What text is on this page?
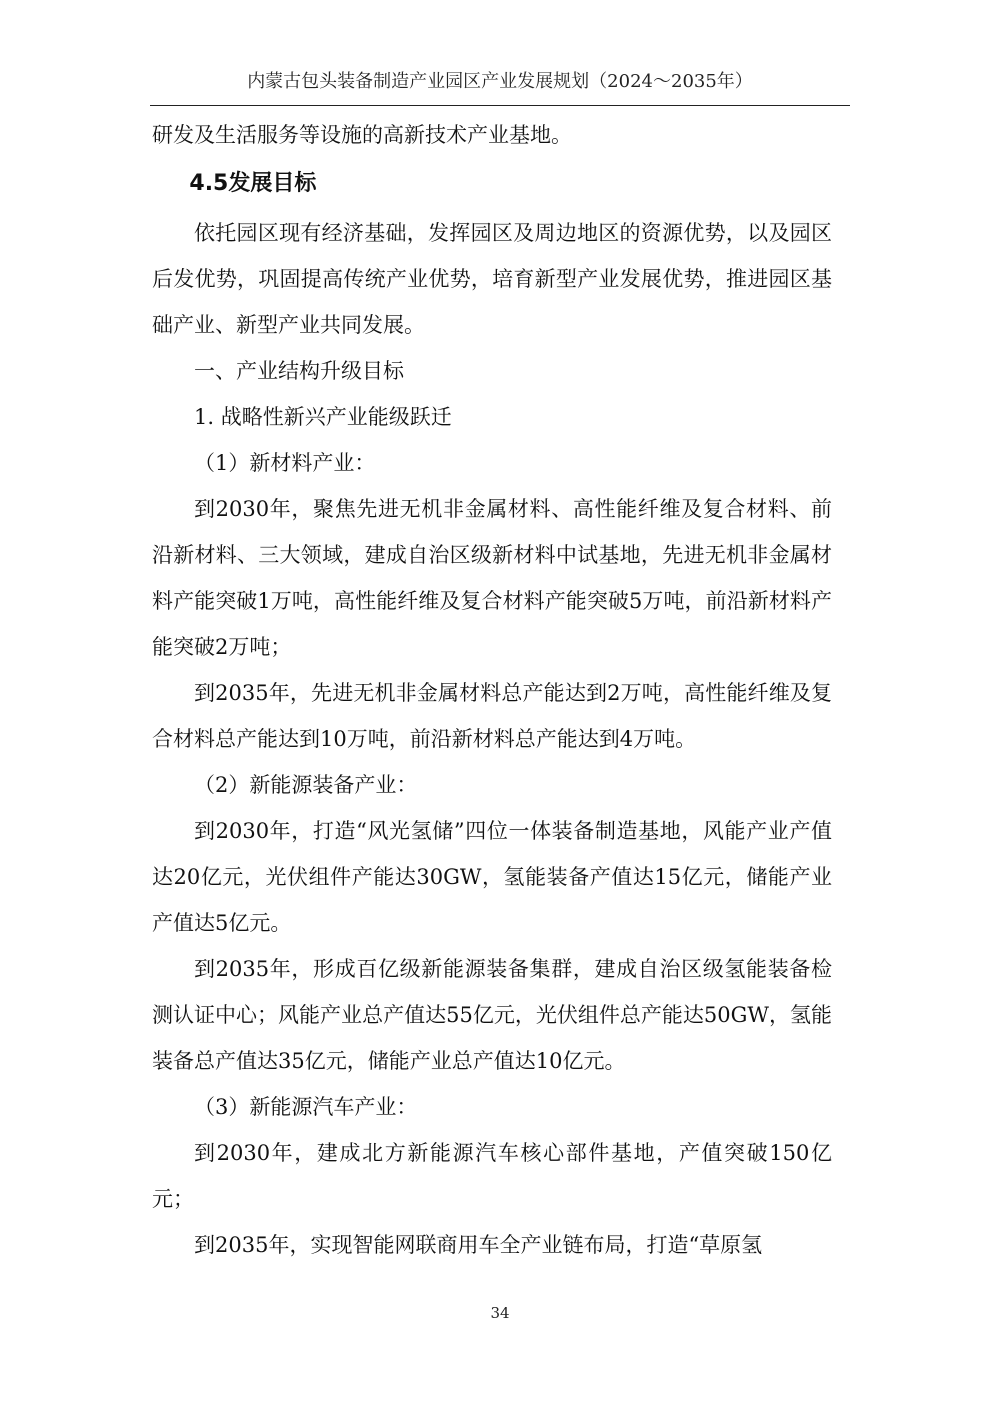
内蒙古包头装备制造产业园区产业发展规划（2024～2035年）

研发及生活服务等设施的高新技术产业基地。

4.5发展目标

依托园区现有经济基础，发挥园区及周边地区的资源优势，以及园区后发优势，巩固提高传统产业优势，培育新型产业发展优势，推进园区基础产业、新型产业共同发展。

一、产业结构升级目标

1. 战略性新兴产业能级跃迁

（1）新材料产业：

到2030年，聚焦先进无机非金属材料、高性能纤维及复合材料、前沿新材料、三大领域，建成自治区级新材料中试基地，先进无机非金属材料产能突破1万吨，高性能纤维及复合材料产能突破5万吨，前沿新材料产能突破2万吨；

到2035年，先进无机非金属材料总产能达到2万吨，高性能纤维及复合材料总产能达到10万吨，前沿新材料总产能达到4万吨。

（2）新能源装备产业：

到2030年，打造“风光氢储”四位一体装备制造基地，风能产业产值达20亿元，光伏组件产能达30GW，氢能装备产值达15亿元，储能产业产值达5亿元。

到2035年，形成百亿级新能源装备集群，建成自治区级氢能装备检测认证中心；风能产业总产值达55亿元，光伏组件总产能达50GW，氢能装备总产值达35亿元，储能产业总产值达10亿元。

（3）新能源汽车产业：

到2030年，建成北方新能源汽车核心部件基地，产值突破150亿元；

到2035年，实现智能网联商用车全产业链布局，打造“草原氢

34
